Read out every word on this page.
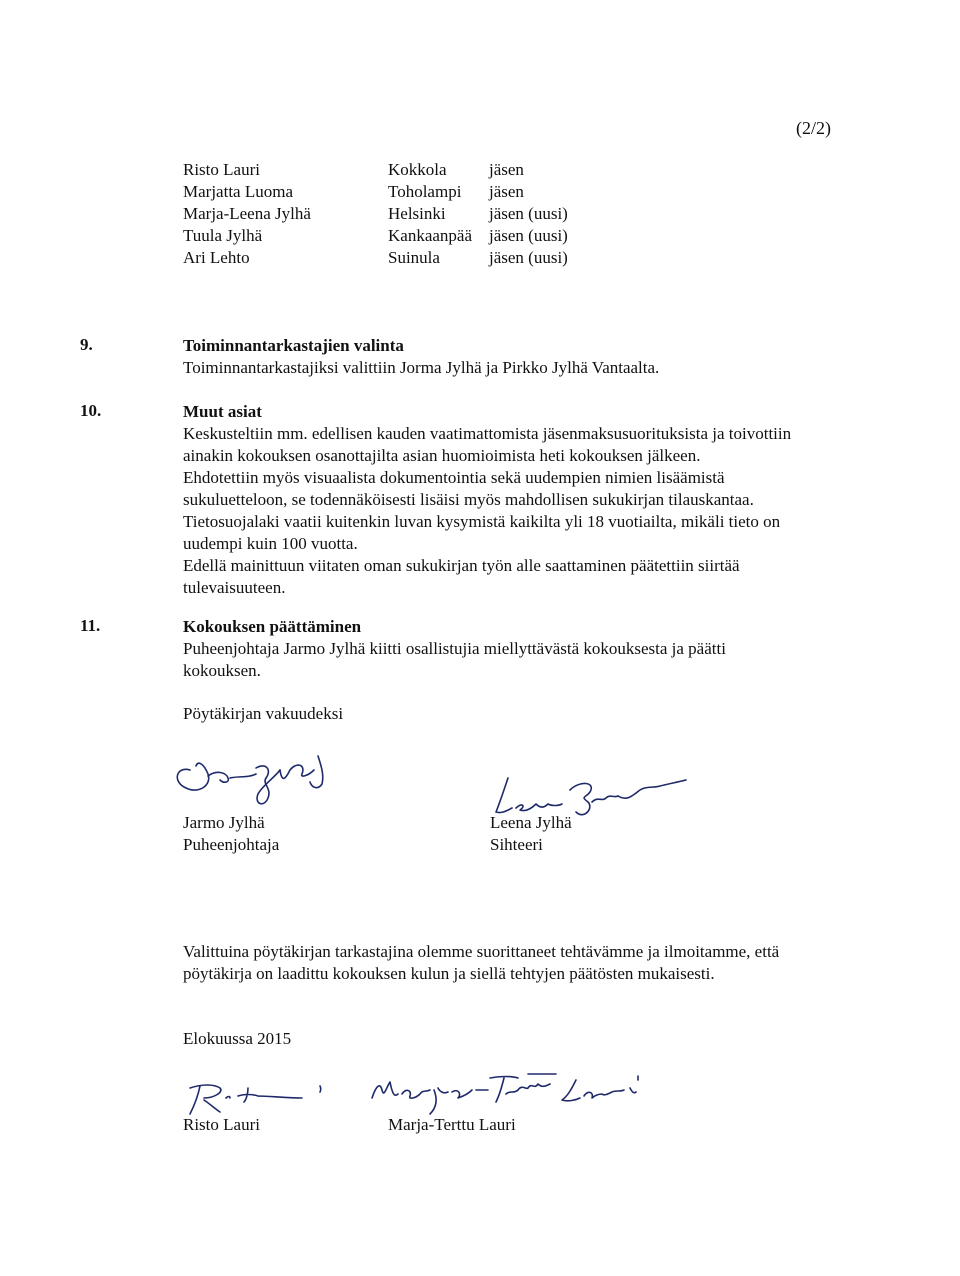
(2/2)
Risto Lauri	Kokkola jäsen
Marjatta Luoma	Toholampi jäsen
Marja-Leena Jylhä	Helsinki	jäsen (uusi)
Tuula Jylhä	Kankaanpää jäsen (uusi)
Ari Lehto	Suinula	jäsen (uusi)
9.	Toiminnantarkastajien valinta
Toiminnantarkastajiksi valittiin Jorma Jylhä ja Pirkko Jylhä Vantaalta.
10.	Muut asiat
Keskusteltiin mm. edellisen kauden vaatimattomista jäsenmaksusuorituksista ja toivottiin
ainakin kokouksen osanottajilta asian huomioimista heti kokouksen jälkeen.
Ehdotettiin myös visuaalista dokumentointia sekä uudempien nimien lisäämistä
sukuluetteloon, se todennäköisesti lisäisi myös mahdollisen sukukirjan tilauskantaa.
Tietosuojalaki vaatii kuitenkin luvan kysymistä kaikilta yli 18 vuotiailta, mikäli tieto on
uudempi kuin 100 vuotta.
Edellä mainittuun viitaten oman sukukirjan työn alle saattaminen päätettiin siirtää
tulevaisuuteen.
11.	Kokouksen päättäminen
Puheenjohtaja Jarmo Jylhä kiitti osallistujia miellyttävästä kokouksesta ja päätti
kokouksen.
Pöytäkirjan vakuudeksi
Jarmo Jylhä
Puheenjohtaja
Leena Jylhä
Sihteeri
Valittuina pöytäkirjan tarkastajina olemme suorittaneet tehtävämme ja ilmoitamme, että
pöytäkirja on laadittu kokouksen kulun ja siellä tehtyjen päätösten mukaisesti.
Elokuussa 2015
Risto Lauri	Marja-Terttu Lauri
